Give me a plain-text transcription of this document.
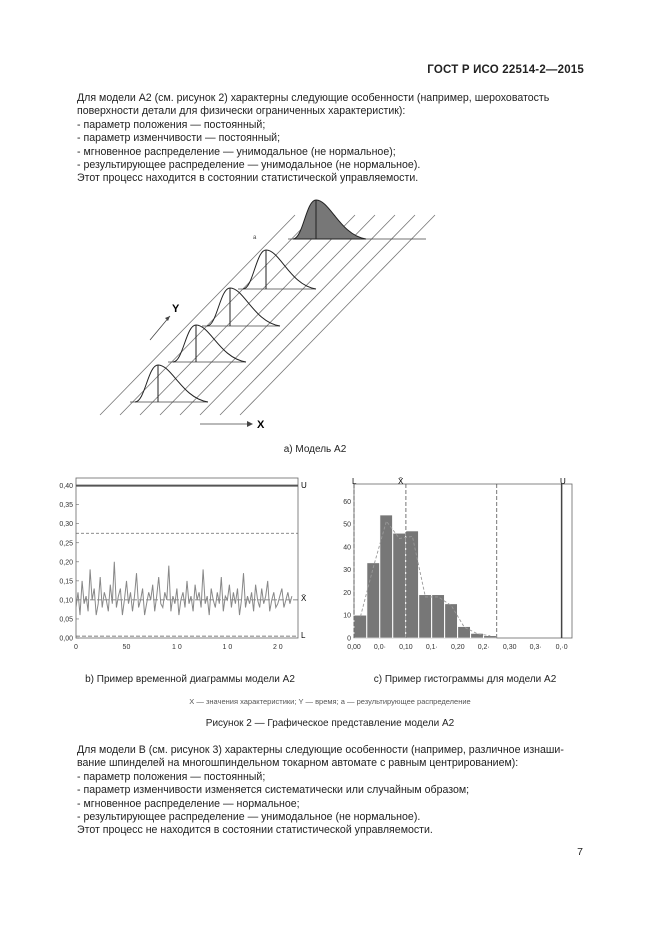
ГОСТ Р ИСО 22514-2—2015

Для модели А2 (см. рисунок 2) характерны следующие особенности (например, шероховатость

поверхности детали для физически ограниченных характеристик):

- параметр положения — постоянный;

- параметр изменчивости — постоянный;

- мгновенное распределение — унимодальное (не нормальное);

- результирующее распределение — унимодальное (не нормальное).

Этот процесс находится в состоянии статистической управляемости.

a
Y
X
а) Модель А2
0,40
0,35
0,30
0,25
0,20
0,15
0,10
0,05
0,00
0	50	1 0	1 0	2 0
U
X̄
L
60
50
40
30
20
10
0
0,00 0,0· 0,10 0,1· 0,20 0,2· 0,30 0,3· 0,·0
L	X̄	U
b) Пример временной диаграммы модели А2	с) Пример гистограммы для модели А2
X — значения характеристики; Y — время; a — результирующее распределение
Рисунок 2 — Графическое представление модели А2

Для модели В (см. рисунок 3) характерны следующие особенности (например, различное изнаши-

вание шпинделей на многошпиндельном токарном автомате с равным центрированием):

- параметр положения — постоянный;

- параметр изменчивости изменяется систематически или случайным образом;

- мгновенное распределение — нормальное;

- результирующее распределение — унимодальное (не нормальное).

Этот процесс не находится в состоянии статистической управляемости.

7
